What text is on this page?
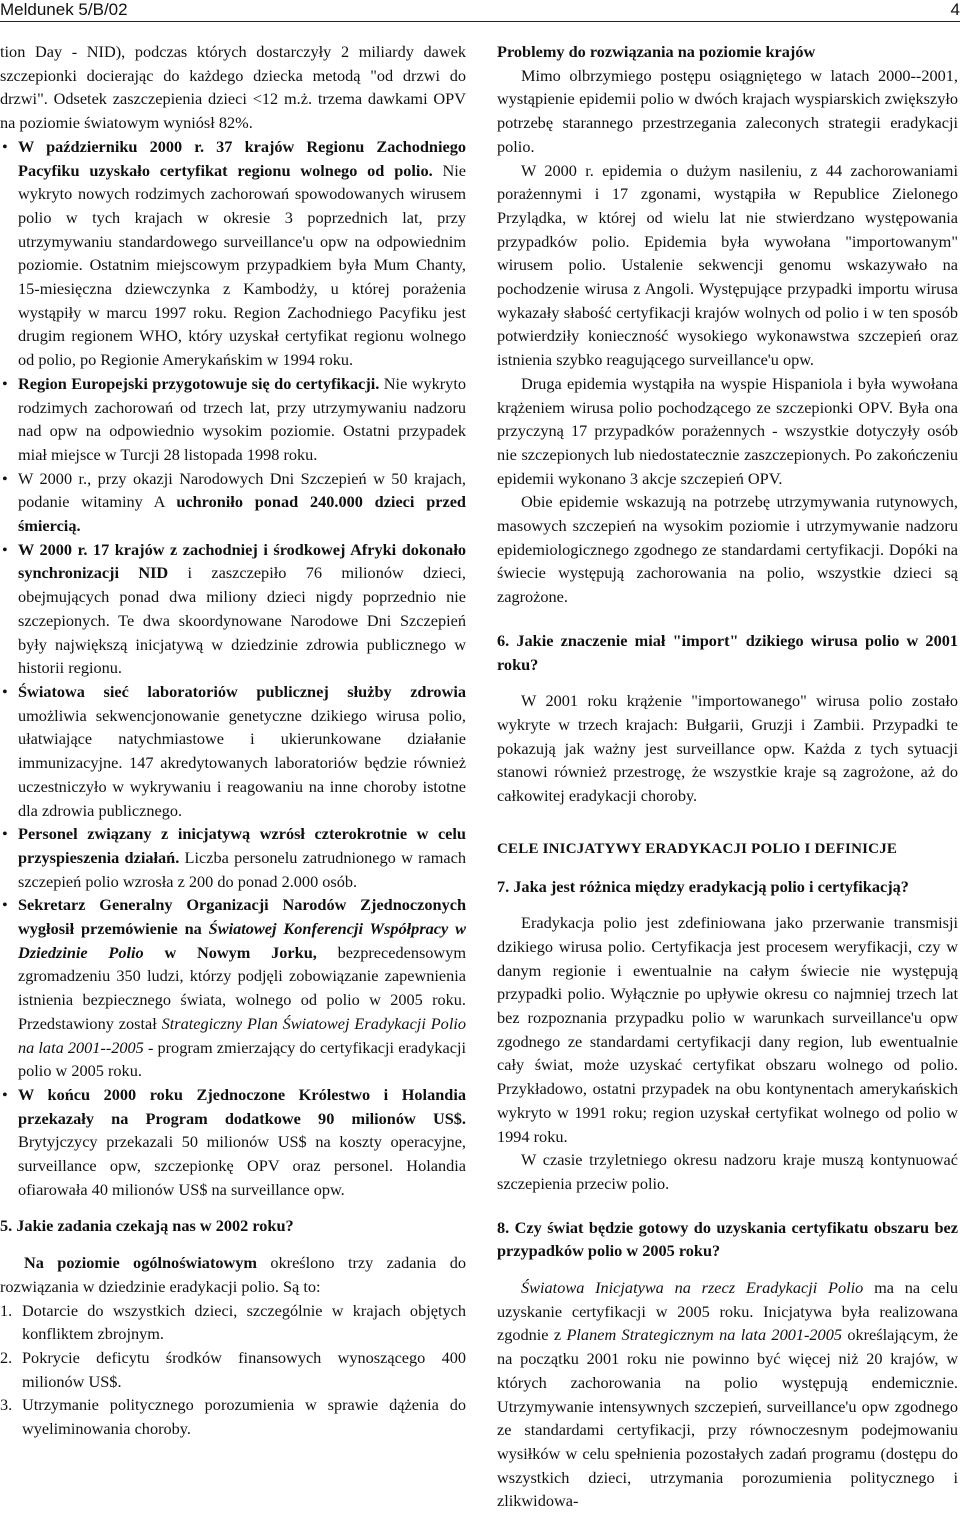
Meldunek 5/B/02	4

tion Day - NID), podczas których dostarczyły 2 miliardy dawek szczepionki docierając do każdego dziecka metodą "od drzwi do drzwi". Odsetek zaszczepienia dzieci <12 m.ż. trzema dawkami OPV na poziomie światowym wyniósł 82%.

• W październiku 2000 r. 37 krajów Regionu Zachodniego Pacyfiku uzyskało certyfikat regionu wolnego od polio. Nie wykryto nowych rodzimych zachorowań spowodowanych wirusem polio w tych krajach w okresie 3 poprzednich lat, przy utrzymywaniu standardowego surveillance'u opw na odpowiednim poziomie. Ostatnim miejscowym przypadkiem była Mum Chanty, 15-miesięczna dziewczynka z Kambodży, u której porażenia wystąpiły w marcu 1997 roku. Region Zachodniego Pacyfiku jest drugim regionem WHO, który uzyskał certyfikat regionu wolnego od polio, po Regionie Amerykańskim w 1994 roku.
• Region Europejski przygotowuje się do certyfikacji. Nie wykryto rodzimych zachorowań od trzech lat, przy utrzymywaniu nadzoru nad opw na odpowiednio wysokim poziomie. Ostatni przypadek miał miejsce w Turcji 28 listopada 1998 roku.
• W 2000 r., przy okazji Narodowych Dni Szczepień w 50 krajach, podanie witaminy A uchroniło ponad 240.000 dzieci przed śmiercią.
• W 2000 r. 17 krajów z zachodniej i środkowej Afryki dokonało synchronizacji NID i zaszczepiło 76 milionów dzieci, obejmujących ponad dwa miliony dzieci nigdy poprzednio nie szczepionych. Te dwa skoordynowane Narodowe Dni Szczepień były największą inicjatywą w dziedzinie zdrowia publicznego w historii regionu.
• Światowa sieć laboratoriów publicznej służby zdrowia umożliwia sekwencjonowanie genetyczne dzikiego wirusa polio, ułatwiające natychmiastowe i ukierunkowane działanie immunizacyjne. 147 akredytowanych laboratoriów będzie również uczestniczyło w wykrywaniu i reagowaniu na inne choroby istotne dla zdrowia publicznego.
• Personel związany z inicjatywą wzrósł czterokrotnie w celu przyspieszenia działań. Liczba personelu zatrudnionego w ramach szczepień polio wzrosła z 200 do ponad 2.000 osób.
• Sekretarz Generalny Organizacji Narodów Zjednoczonych wygłosił przemówienie na Światowej Konferencji Współpracy w Dziedzinie Polio w Nowym Jorku, bezprecedensowym zgromadzeniu 350 ludzi, którzy podjęli zobowiązanie zapewnienia istnienia bezpiecznego świata, wolnego od polio w 2005 roku. Przedstawiony został Strategiczny Plan Światowej Eradykacji Polio na lata 2001--2005 - program zmierzający do certyfikacji eradykacji polio w 2005 roku.
• W końcu 2000 roku Zjednoczone Królestwo i Holandia przekazały na Program dodatkowe 90 milionów US$. Brytyjczycy przekazali 50 milionów US$ na koszty operacyjne, surveillance opw, szczepionkę OPV oraz personel. Holandia ofiarowała 40 milionów US$ na surveillance opw.

5. Jakie zadania czekają nas w 2002 roku?

Na poziomie ogólnoświatowym określono trzy zadania do rozwiązania w dziedzinie eradykacji polio. Są to:

1. Dotarcie do wszystkich dzieci, szczególnie w krajach objętych konfliktem zbrojnym.
2. Pokrycie deficytu środków finansowych wynoszącego 400 milionów US$.
3. Utrzymanie politycznego porozumienia w sprawie dążenia do wyeliminowania choroby.

Problemy do rozwiązania na poziomie krajów

Mimo olbrzymiego postępu osiągniętego w latach 2000--2001, wystąpienie epidemii polio w dwóch krajach wyspiarskich zwiększyło potrzebę starannego przestrzegania zaleconych strategii eradykacji polio.

W 2000 r. epidemia o dużym nasileniu, z 44 zachorowaniami porażennymi i 17 zgonami, wystąpiła w Republice Zielonego Przylądka, w której od wielu lat nie stwierdzano występowania przypadków polio. Epidemia była wywołana "importowanym" wirusem polio. Ustalenie sekwencji genomu wskazywało na pochodzenie wirusa z Angoli. Występujące przypadki importu wirusa wykazały słabość certyfikacji krajów wolnych od polio i w ten sposób potwierdziły konieczność wysokiego wykonawstwa szczepień oraz istnienia szybko reagującego surveillance'u opw.

Druga epidemia wystąpiła na wyspie Hispaniola i była wywołana krążeniem wirusa polio pochodzącego ze szczepionki OPV. Była ona przyczyną 17 przypadków porażennych - wszystkie dotyczyły osób nie szczepionych lub niedostatecznie zaszczepionych. Po zakończeniu epidemii wykonano 3 akcje szczepień OPV.

Obie epidemie wskazują na potrzebę utrzymywania rutynowych, masowych szczepień na wysokim poziomie i utrzymywanie nadzoru epidemiologicznego zgodnego ze standardami certyfikacji. Dopóki na świecie występują zachorowania na polio, wszystkie dzieci są zagrożone.

6. Jakie znaczenie miał "import" dzikiego wirusa polio w 2001 roku?

W 2001 roku krążenie "importowanego" wirusa polio zostało wykryte w trzech krajach: Bułgarii, Gruzji i Zambii. Przypadki te pokazują jak ważny jest surveillance opw. Każda z tych sytuacji stanowi również przestrogę, że wszystkie kraje są zagrożone, aż do całkowitej eradykacji choroby.

CELE INICJATYWY ERADYKACJI POLIO I DEFINICJE

7. Jaka jest różnica między eradykacją polio i certyfikacją?

Eradykacja polio jest zdefiniowana jako przerwanie transmisji dzikiego wirusa polio. Certyfikacja jest procesem weryfikacji, czy w danym regionie i ewentualnie na całym świecie nie występują przypadki polio. Wyłącznie po upływie okresu co najmniej trzech lat bez rozpoznania przypadku polio w warunkach surveillance'u opw zgodnego ze standardami certyfikacji dany region, lub ewentualnie cały świat, może uzyskać certyfikat obszaru wolnego od polio. Przykładowo, ostatni przypadek na obu kontynentach amerykańskich wykryto w 1991 roku; region uzyskał certyfikat wolnego od polio w 1994 roku.

W czasie trzyletniego okresu nadzoru kraje muszą kontynuować szczepienia przeciw polio.

8. Czy świat będzie gotowy do uzyskania certyfikatu obszaru bez przypadków polio w 2005 roku?

Światowa Inicjatywa na rzecz Eradykacji Polio ma na celu uzyskanie certyfikacji w 2005 roku. Inicjatywa była realizowana zgodnie z Planem Strategicznym na lata 2001-2005 określającym, że na początku 2001 roku nie powinno być więcej niż 20 krajów, w których zachorowania na polio występują endemicznie. Utrzymywanie intensywnych szczepień, surveillance'u opw zgodnego ze standardami certyfikacji, przy równoczesnym podejmowaniu wysiłków w celu spełnienia pozostałych zadań programu (dostępu do wszystkich dzieci, utrzymania porozumienia politycznego i zlikwidowa-
